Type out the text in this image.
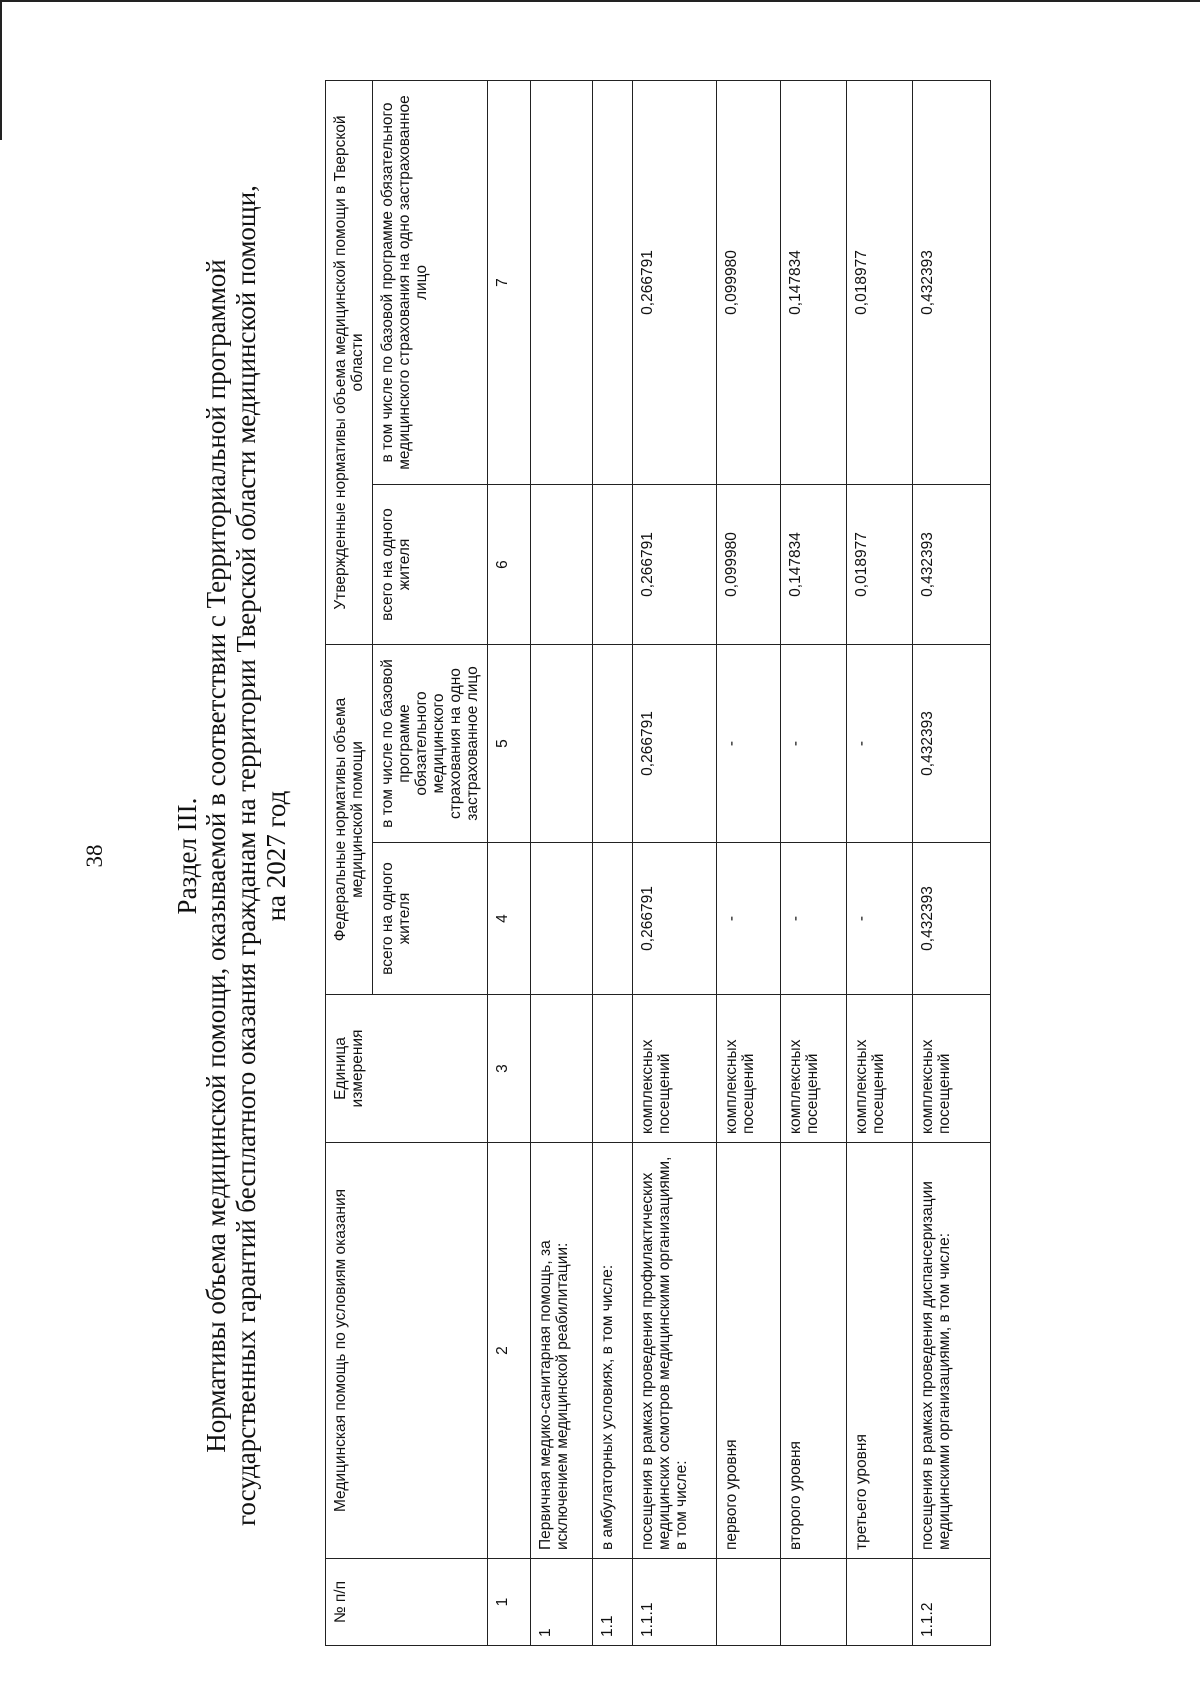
38 Раздел III. Нормативы объема медицинской помощи, оказываемой в соответствии с Территориальной программой государственных гарантий бесплатного оказания гражданам на территории Тверской области медицинской помощи, на 2027 год
№ п/п	Медицинская помощь по условиям оказания	Единица измерения	Федеральные нормативы объема медицинской помощи		Утвержденные нормативы объема медицинской помощи в Тверской области	
			всего на одного жителя	в том числе по базовой программе обязательного медицинского страхования на одно застрахованное лицо	всего на одного жителя	в том числе по базовой программе обязательного медицинского страхования на одно застрахованное лицо
1	2	3	4	5	6	7
1	Первичная медико-санитарная помощь, за исключением медицинской реабилитации:					
1.1	в амбулаторных условиях, в том числе:					
1.1.1	посещения в рамках проведения профилактических медицинских осмотров медицинскими организациями, в том числе:	комплексных посещений	0,266791	0,266791	0,266791	0,266791
	первого уровня	комплексных посещений	-	-	0,099980	0,099980
	второго уровня	комплексных посещений	-	-	0,147834	0,147834
	третьего уровня	комплексных посещений	-	-	0,018977	0,018977
1.1.2	посещения в рамках проведения диспансеризации медицинскими организациями, в том числе:	комплексных посещений	0,432393	0,432393	0,432393	0,432393
